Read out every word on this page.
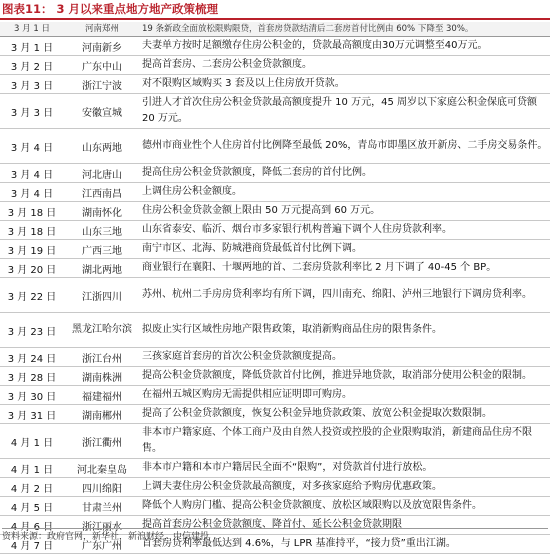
图表11： 3 月以来重点地方地产政策梳理
3 月 1 日	河南郑州	19 条新政全面放松限购限贷，首套房贷款结清后二套房首付比例由 60% 下降至 30%。
3 月 1 日	河南新乡	夫妻单方按时足额缴存住房公积金的，贷款最高额度由30万元调整至40万元。
3 月 2 日	广东中山	提高首套房、二套房公积金贷款额度。
3 月 3 日	浙江宁波	对不限购区域购买 3 套及以上住房放开贷款。
3 月 3 日	安徽宣城	引进人才首次住房公积金贷款最高额度提升 10 万元，45 周岁以下家庭公积金保底可贷额 20 万元。
3 月 4 日	山东两地	德州市商业性个人住房首付比例降至最低 20%，青岛市即墨区放开新房、二手房交易条件。
3 月 4 日	河北唐山	提高住房公积金贷款额度，降低二套房的首付比例。
3 月 4 日	江西南昌	上调住房公积金额度。
3 月 18 日	湖南怀化	住房公积金贷款金额上限由 50 万元提高到 60 万元。
3 月 18 日	山东三地	山东省泰安、临沂、烟台市多家银行机构普遍下调个人住房贷款利率。
3 月 19 日	广西三地	南宁市区、北海、防城港商贷最低首付比例下调。
3 月 20 日	湖北两地	商业银行在襄阳、十堰两地的首、二套房贷款利率比 2 月下调了 40-45 个 BP。
3 月 22 日	江浙四川	苏州、杭州二手房房贷利率均有所下调，四川南充、绵阳、泸州三地银行下调房贷利率。
3 月 23 日	黑龙江哈尔滨	拟废止实行区域性房地产限售政策，取消新购商品住房的限售条件。
3 月 24 日	浙江台州	三孩家庭首套房的首次公积金贷款额度提高。
3 月 28 日	湖南株洲	提高公积金贷款额度，降低贷款首付比例，推进异地贷款，取消部分使用公积金的限制。
3 月 30 日	福建福州	在福州五城区购房无需提供相应证明即可购房。
3 月 31 日	湖南郴州	提高了公积金贷款额度，恢复公积金异地贷款政策、放宽公积金提取次数限制。
4 月 1 日	浙江衢州	非本市户籍家庭、个体工商户及由自然人投资或控股的企业限购取消，新建商品住房不限售。
4 月 1 日	河北秦皇岛	非本市户籍和本市户籍居民全面不“限购”，对贷款首付进行放松。
4 月 2 日	四川绵阳	上调夫妻住房公积金贷款最高额度，对多孩家庭给予购房优惠政策。
4 月 5 日	甘肃兰州	降低个人购房门槛、提高公积金贷款额度、放松区域限购以及放宽限售条件。
4 月 6 日	浙江丽水	提高首套房公积金贷款额度、降首付、延长公积金贷款期限
4 月 7 日	广东广州	首套房贷利率最低达到 4.6%，与 LPR 基准持平，“接力贷”重出江湖。
资料来源：政府官网，新华社，新浪财经，中信建投
